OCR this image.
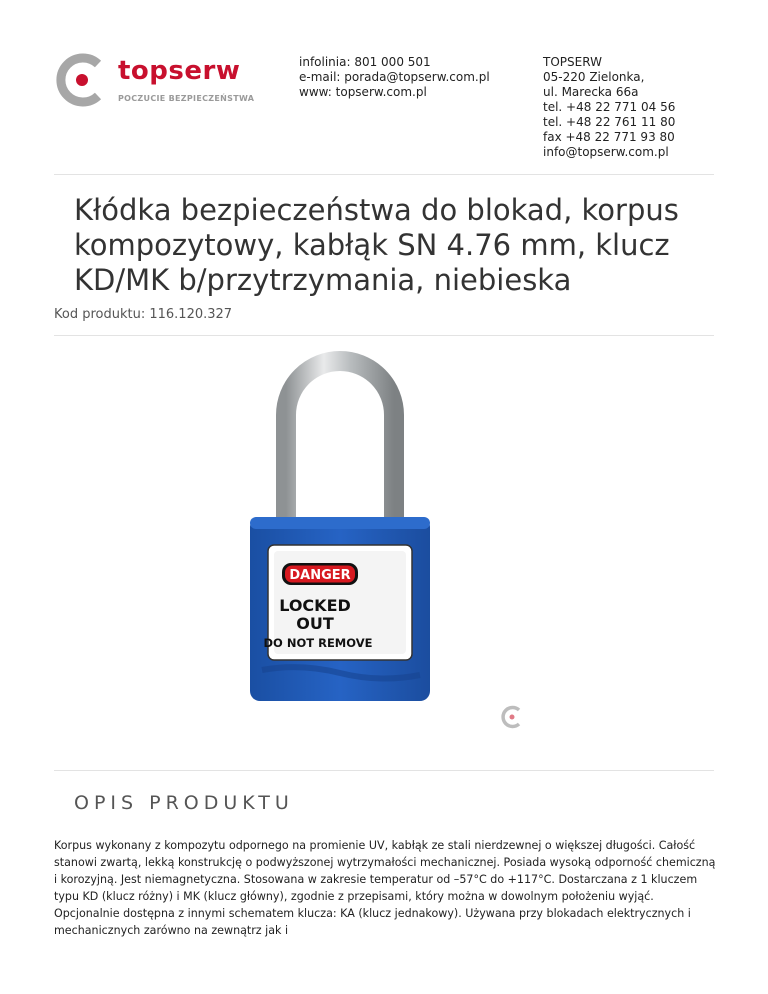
topserw
POCZUCIE BEZPIECZEŃSTWA
infolinia: 801 000 501
e-mail: porada@topserw.com.pl
www: topserw.com.pl
TOPSERW
05-220 Zielonka,
ul. Marecka 66a
tel. +48 22 771 04 56
tel. +48 22 761 11 80
fax +48 22 771 93 80
info@topserw.com.pl
Kłódka bezpieczeństwa do blokad, korpus kompozytowy, kabłąk SN 4.76 mm, klucz KD/MK b/przytrzymania, niebieska
Kod produktu: 116.120.327
DANGER
LOCKED
OUT
DO NOT REMOVE
OPIS PRODUKTU

Korpus wykonany z kompozytu odpornego na promienie UV, kabłąk ze stali nierdzewnej o większej długości. Całość stanowi zwartą, lekką konstrukcję o podwyższonej wytrzymałości mechanicznej. Posiada wysoką odporność chemiczną i korozyjną. Jest niemagnetyczna. Stosowana w zakresie temperatur od –57°C do +117°C. Dostarczana z 1 kluczem typu KD (klucz różny) i MK (klucz główny), zgodnie z przepisami, który można w dowolnym położeniu wyjąć. Opcjonalnie dostępna z innymi schematem klucza: KA (klucz jednakowy). Używana przy blokadach elektrycznych i mechanicznych zarówno na zewnątrz jak i
